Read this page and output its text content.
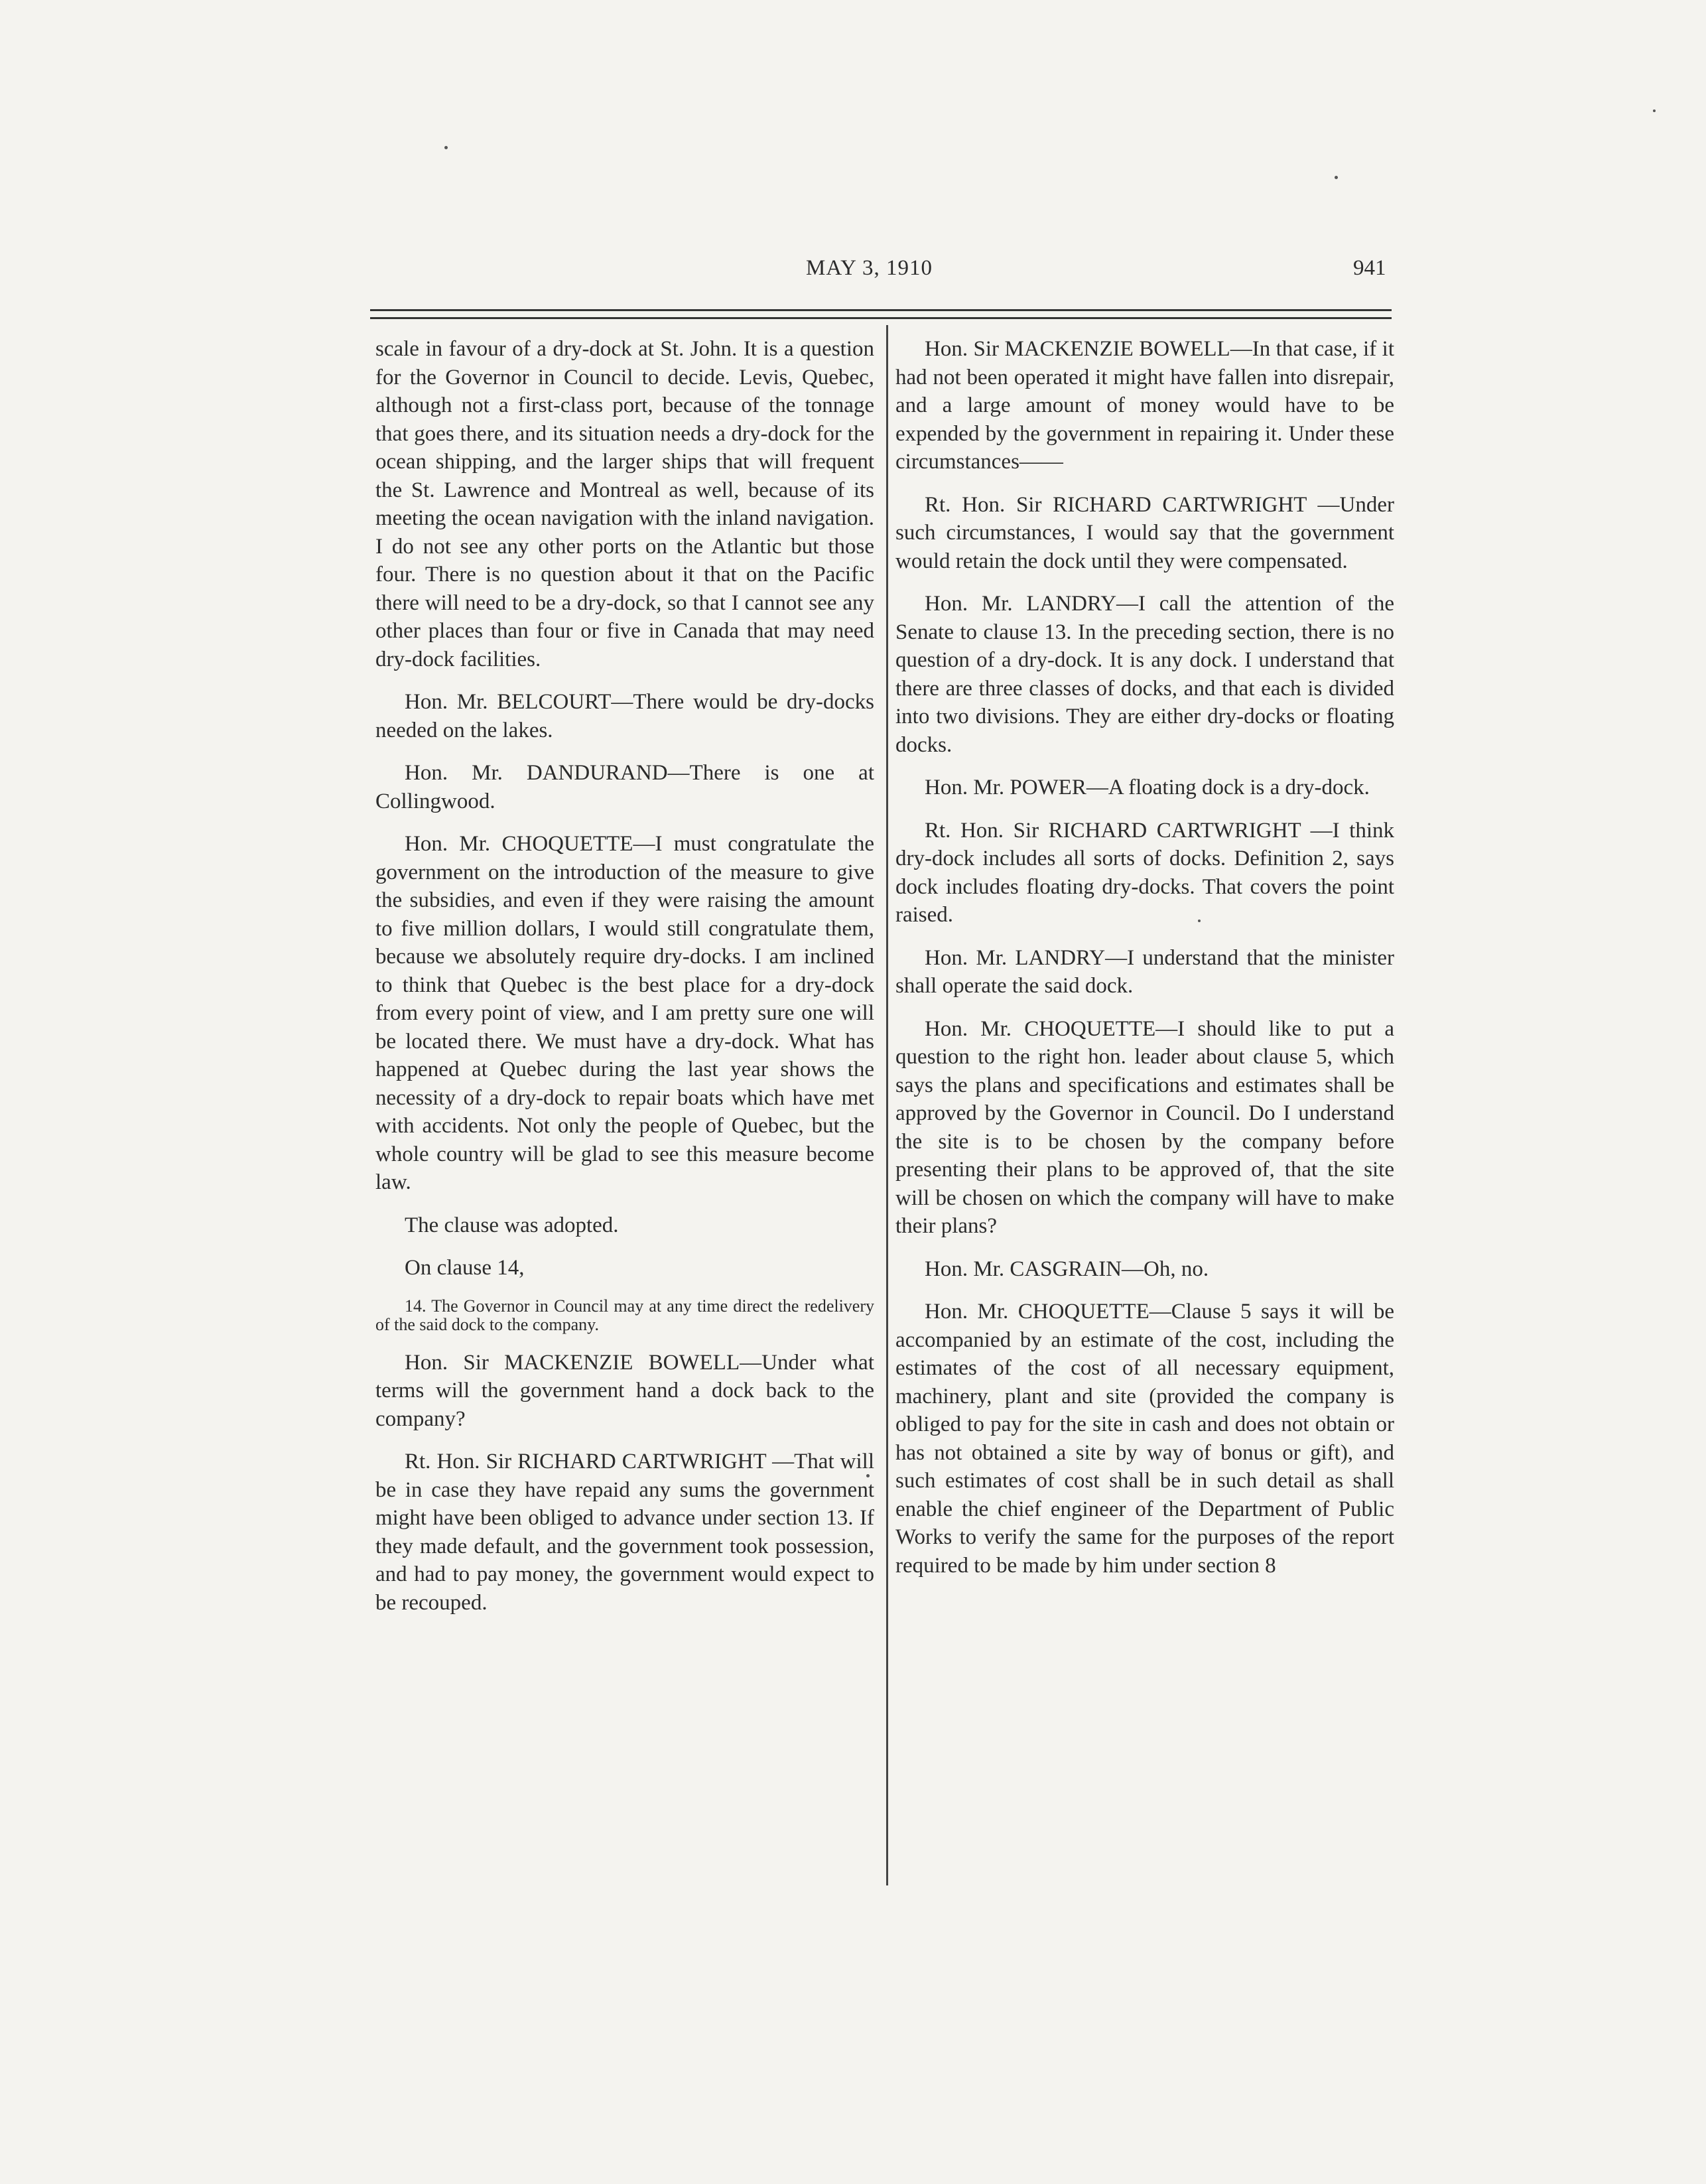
MAY 3, 1910	941

scale in favour of a dry-dock at St. John. It is a question for the Governor in Council to decide. Levis, Quebec, although not a first-class port, because of the tonnage that goes there, and its situation needs a dry-dock for the ocean shipping, and the larger ships that will frequent the St. Lawrence and Montreal as well, because of its meeting the ocean navigation with the inland navigation. I do not see any other ports on the Atlantic but those four. There is no question about it that on the Pacific there will need to be a dry-dock, so that I cannot see any other places than four or five in Canada that may need dry-dock facilities.

Hon. Mr. BELCOURT—There would be dry-docks needed on the lakes.

Hon. Mr. DANDURAND—There is one at Collingwood.

Hon. Mr. CHOQUETTE—I must congratulate the government on the introduction of the measure to give the subsidies, and even if they were raising the amount to five million dollars, I would still congratulate them, because we absolutely require dry-docks. I am inclined to think that Quebec is the best place for a dry-dock from every point of view, and I am pretty sure one will be located there. We must have a dry-dock. What has happened at Quebec during the last year shows the necessity of a dry-dock to repair boats which have met with accidents. Not only the people of Quebec, but the whole country will be glad to see this measure become law.

The clause was adopted.

On clause 14,

14. The Governor in Council may at any time direct the redelivery of the said dock to the company.

Hon. Sir MACKENZIE BOWELL—Under what terms will the government hand a dock back to the company?

Rt. Hon. Sir RICHARD CARTWRIGHT —That will be in case they have repaid any sums the government might have been obliged to advance under section 13. If they made default, and the government took possession, and had to pay money, the government would expect to be recouped.

Hon. Sir MACKENZIE BOWELL—In that case, if it had not been operated it might have fallen into disrepair, and a large amount of money would have to be expended by the government in repairing it. Under these circumstances——

Rt. Hon. Sir RICHARD CARTWRIGHT —Under such circumstances, I would say that the government would retain the dock until they were compensated.

Hon. Mr. LANDRY—I call the attention of the Senate to clause 13. In the preceding section, there is no question of a dry-dock. It is any dock. I understand that there are three classes of docks, and that each is divided into two divisions. They are either dry-docks or floating docks.

Hon. Mr. POWER—A floating dock is a dry-dock.

Rt. Hon. Sir RICHARD CARTWRIGHT —I think dry-dock includes all sorts of docks. Definition 2, says dock includes floating dry-docks. That covers the point raised.

Hon. Mr. LANDRY—I understand that the minister shall operate the said dock.

Hon. Mr. CHOQUETTE—I should like to put a question to the right hon. leader about clause 5, which says the plans and specifications and estimates shall be approved by the Governor in Council. Do I understand the site is to be chosen by the company before presenting their plans to be approved of, that the site will be chosen on which the company will have to make their plans?

Hon. Mr. CASGRAIN—Oh, no.

Hon. Mr. CHOQUETTE—Clause 5 says it will be accompanied by an estimate of the cost, including the estimates of the cost of all necessary equipment, machinery, plant and site (provided the company is obliged to pay for the site in cash and does not obtain or has not obtained a site by way of bonus or gift), and such estimates of cost shall be in such detail as shall enable the chief engineer of the Department of Public Works to verify the same for the purposes of the report required to be made by him under section 8
